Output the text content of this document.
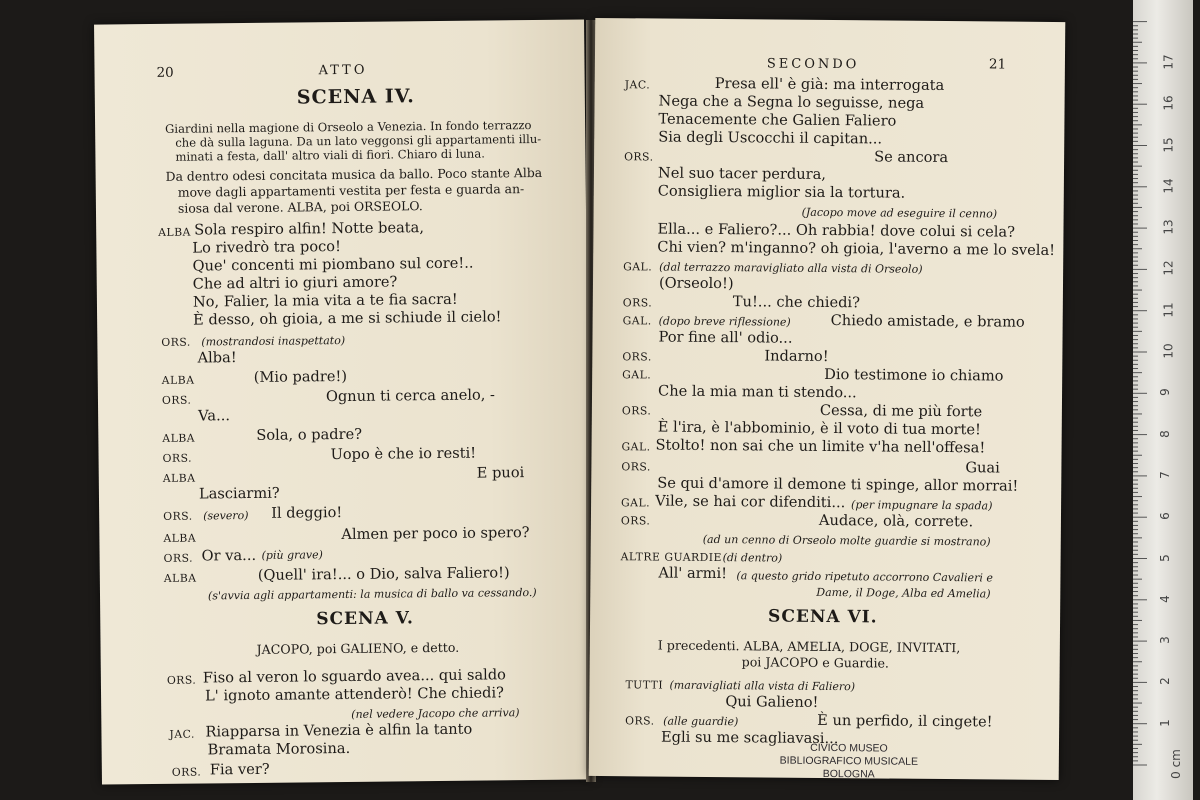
20	ATTO
SCENA IV.
Giardini nella magione di Orseolo a Venezia. In fondo terrazzo
che dà sulla laguna. Da un lato veggonsi gli appartamenti illu-
minati a festa, dall' altro viali di fiori. Chiaro di luna.
Da dentro odesi concitata musica da ballo. Poco stante Alba
move dagli appartamenti vestita per festa e guarda an-
siosa dal verone. ALBA, poi ORSEOLO.
ALBA Sola respiro alfin! Notte beata,
Lo rivedrò tra poco!
Que' concenti mi piombano sul core!..
Che ad altri io giuri amore?
No, Falier, la mia vita a te fia sacra!
È desso, oh gioia, a me si schiude il cielo!
ORS. (mostrandosi inaspettato)
Alba!
ALBA	(Mio padre!)
ORS.	Ognun ti cerca anelo, -
Va...
ALBA	Sola, o padre?
ORS.	Uopo è che io resti!
ALBA	E puoi
Lasciarmi?
ORS. (severo) Il deggio!
ALBA	Almen per poco io spero?
ORS. Or va... (più grave)
ALBA	(Quell' ira!... o Dio, salva Faliero!)
(s'avvia agli appartamenti: la musica di ballo va cessando.)
SCENA V.
JACOPO, poi GALIENO, e detto.
ORS. Fiso al veron lo sguardo avea... qui saldo
L' ignoto amante attenderò! Che chiedi?
(nel vedere Jacopo che arriva)
JAC. Riapparsa in Venezia è alfin la tanto
Bramata Morosina.
ORS. Fia ver?
SECONDO	21
JAC.	Presa ell' è già: ma interrogata
Nega che a Segna lo seguisse, nega
Tenacemente che Galien Faliero
Sia degli Uscocchi il capitan...
ORS.	Se ancora
Nel suo tacer perdura,
Consigliera miglior sia la tortura.
(Jacopo move ad eseguire il cenno)
Ella... e Faliero?... Oh rabbia! dove colui si cela?
Chi vien? m'inganno? oh gioia, l'averno a me lo svela!
GAL. (dal terrazzo maravigliato alla vista di Orseolo)
(Orseolo!)
ORS.	Tu!... che chiedi?
GAL. (dopo breve riflessione)	Chiedo amistade, e bramo
Por fine all' odio...
ORS.	Indarno!
GAL.	Dio testimone io chiamo
Che la mia man ti stendo...
ORS.	Cessa, di me più forte
È l'ira, è l'abbominio, è il voto di tua morte!
GAL. Stolto! non sai che un limite v'ha nell'offesa!
ORS.	Guai
Se qui d'amore il demone ti spinge, allor morrai!
GAL. Vile, se hai cor difenditi... (per impugnare la spada)
ORS.	Audace, olà, correte.
(ad un cenno di Orseolo molte guardie si mostrano)
ALTRE GUARDIE (di dentro)
All' armi! (a questo grido ripetuto accorrono Cavalieri e
Dame, il Doge, Alba ed Amelia)
SCENA VI.
I precedenti. ALBA, AMELIA, DOGE, INVITATI,
poi JACOPO e Guardie.
TUTTI (maravigliati alla vista di Faliero)
Qui Galieno!
ORS. (alle guardie)	È un perfido, il cingete!
Egli su me scagliavasi...
CIVICO MUSEO
BIBLIOGRAFICO MUSICALE
BOLOGNA	0 cm
1
2
3
4
5
6
7
8
9
10
11
12
13
14
15
16
17
